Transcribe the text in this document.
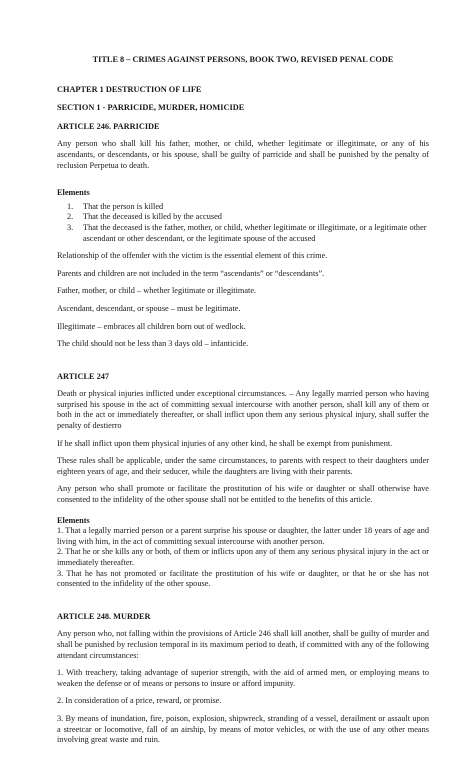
TITLE 8 – CRIMES AGAINST PERSONS, BOOK TWO, REVISED PENAL CODE

CHAPTER 1 DESTRUCTION OF LIFE

SECTION 1 - PARRICIDE, MURDER, HOMICIDE

ARTICLE 246. PARRICIDE

Any person who shall kill his father, mother, or child, whether legitimate or illegitimate, or any of his ascendants, or descendants, or his spouse, shall be guilty of parricide and shall be punished by the penalty of reclusion Perpetua to death.

Elements

1.	That the person is killed
2.	That the deceased is killed by the accused
3.	That the deceased is the father, mother, or child, whether legitimate or illegitimate, or a legitimate other ascendant or other descendant, or the legitimate spouse of the accused

Relationship of the offender with the victim is the essential element of this crime.

Parents and children are not included in the term “ascendants” or “descendants”.

Father, mother, or child – whether legitimate or illegitimate.

Ascendant, descendant, or spouse – must be legitimate.

Illegitimate – embraces all children born out of wedlock.

The child should not be less than 3 days old – infanticide.

ARTICLE 247

Death or physical injuries inflicted under exceptional circumstances. – Any legally married person who having surprised his spouse in the act of committing sexual intercourse with another person, shall kill any of them or both in the act or immediately thereafter, or shall inflict upon them any serious physical injury, shall suffer the penalty of destierro

If he shall inflict upon them physical injuries of any other kind, he shall be exempt from punishment.

These rules shall be applicable, under the same circumstances, to parents with respect to their daughters under eighteen years of age, and their seducer, while the daughters are living with their parents.

Any person who shall promote or facilitate the prostitution of his wife or daughter or shall otherwise have consented to the infidelity of the other spouse shall not be entitled to the benefits of this article.

Elements

1. That a legally married person or a parent surprise his spouse or daughter, the latter under 18 years of age and living with him, in the act of committing sexual intercourse with another person.

2. That he or she kills any or both, of them or inflicts upon any of them any serious physical injury in the act or immediately thereafter.

3. That he has not promoted or facilitate the prostitution of his wife or daughter, or that he or she has not consented to the infidelity of the other spouse.

ARTICLE 248. MURDER

Any person who, not falling within the provisions of Article 246 shall kill another, shall be guilty of murder and shall be punished by reclusion temporal in its maximum period to death, if committed with any of the following attendant circumstances:

1. With treachery, taking advantage of superior strength, with the aid of armed men, or employing means to weaken the defense or of means or persons to insure or afford impunity.

2. In consideration of a price, reward, or promise.

3. By means of inundation, fire, poison, explosion, shipwreck, stranding of a vessel, derailment or assault upon a streetcar or locomotive, fall of an airship, by means of motor vehicles, or with the use of any other means involving great waste and ruin.
